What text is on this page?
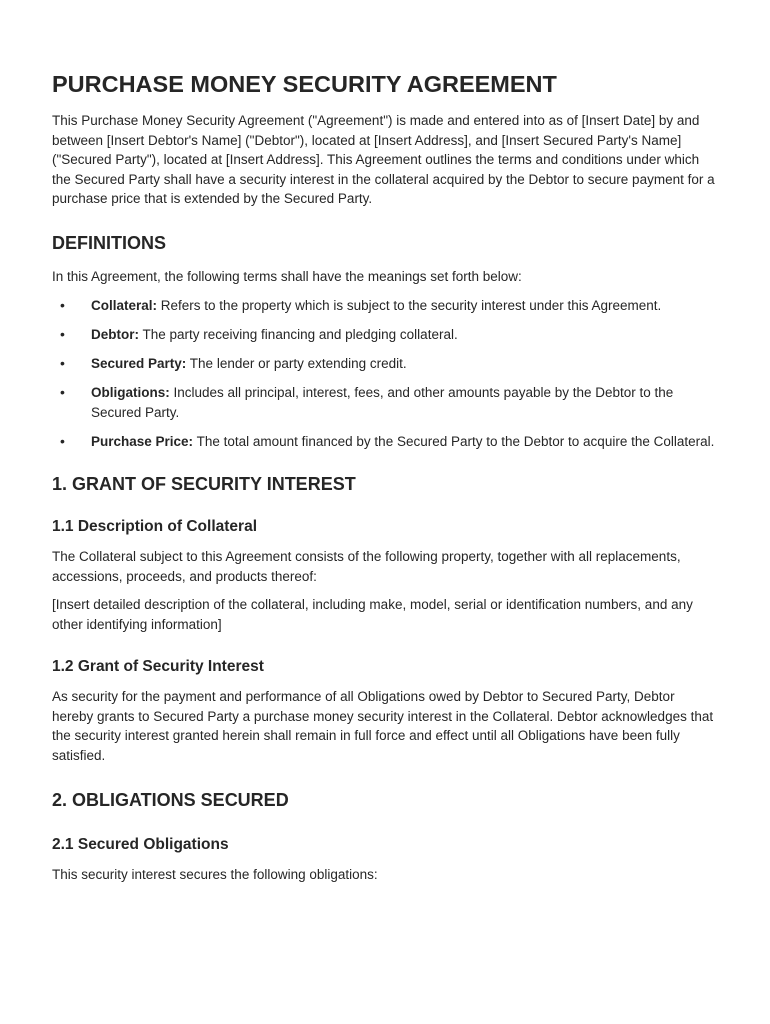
PURCHASE MONEY SECURITY AGREEMENT

This Purchase Money Security Agreement ("Agreement") is made and entered into as of [Insert Date] by and between [Insert Debtor's Name] ("Debtor"), located at [Insert Address], and [Insert Secured Party's Name] ("Secured Party"), located at [Insert Address]. This Agreement outlines the terms and conditions under which the Secured Party shall have a security interest in the collateral acquired by the Debtor to secure payment for a purchase price that is extended by the Secured Party.

DEFINITIONS

In this Agreement, the following terms shall have the meanings set forth below:

• Collateral: Refers to the property which is subject to the security interest under this Agreement.
• Debtor: The party receiving financing and pledging collateral.
• Secured Party: The lender or party extending credit.
• Obligations: Includes all principal, interest, fees, and other amounts payable by the Debtor to the Secured Party.
• Purchase Price: The total amount financed by the Secured Party to the Debtor to acquire the Collateral.
1. GRANT OF SECURITY INTEREST
1.1 Description of Collateral

The Collateral subject to this Agreement consists of the following property, together with all replacements, accessions, proceeds, and products thereof:

[Insert detailed description of the collateral, including make, model, serial or identification numbers, and any other identifying information]

1.2 Grant of Security Interest

As security for the payment and performance of all Obligations owed by Debtor to Secured Party, Debtor hereby grants to Secured Party a purchase money security interest in the Collateral. Debtor acknowledges that the security interest granted herein shall remain in full force and effect until all Obligations have been fully satisfied.

2. OBLIGATIONS SECURED
2.1 Secured Obligations

This security interest secures the following obligations:
